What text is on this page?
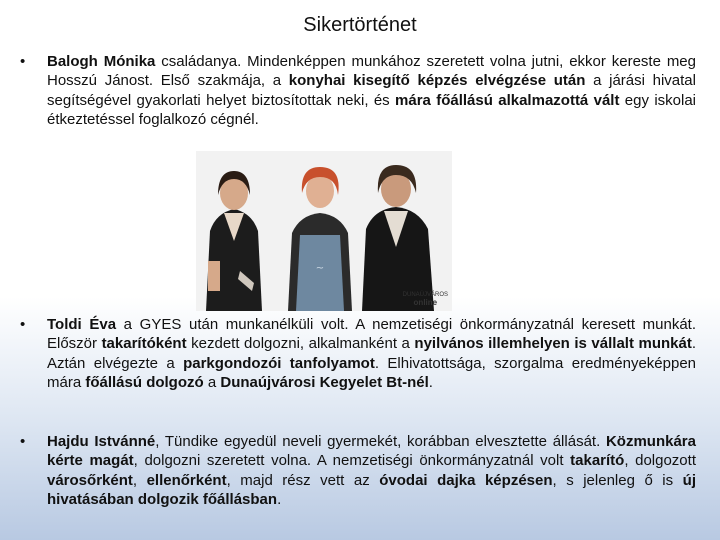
Sikertörténet
•	Balogh Mónika családanya. Mindenképpen munkához szeretett volna jutni, ekkor kereste meg Hosszú Jánost. Első szakmája, a konyhai kisegítő képzés elvégzése után a járási hivatal segítségével gyakorlati helyet biztosítottak neki, és mára főállású alkalmazottá vált egy iskolai étkeztetéssel foglalkozó cégnél.
~
DUNAÚJVÁROS
online
•	Toldi Éva a GYES után munkanélküli volt. A nemzetiségi önkormányzatnál keresett munkát. Először takarítóként kezdett dolgozni, alkalmanként a nyilvános illemhelyen is vállalt munkát. Aztán elvégezte a parkgondozói tanfolyamot. Elhivatottsága, szorgalma eredményeképpen mára főállású dolgozó a Dunaújvárosi Kegyelet Bt-nél.
•	Hajdu Istvánné, Tündike egyedül neveli gyermekét, korábban elvesztette állását. Közmunkára kérte magát, dolgozni szeretett volna. A nemzetiségi önkormányzatnál volt takarító, dolgozott városőrként, ellenőrként, majd rész vett az óvodai dajka képzésen, s jelenleg ő is új hivatásában dolgozik főállásban.
